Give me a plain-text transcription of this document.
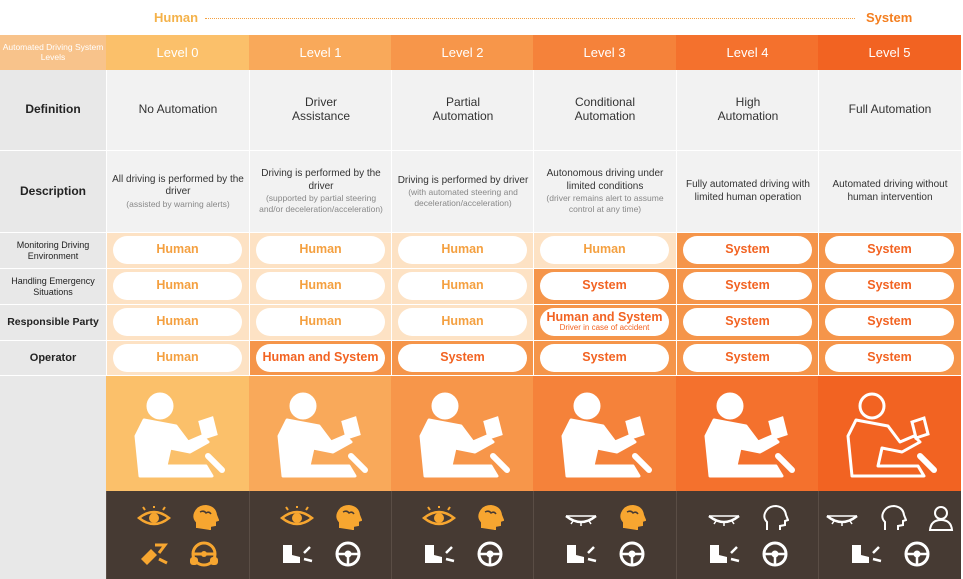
Human	System
Automated Driving System Levels
Definition
Description
Monitoring Driving Environment
Handling Emergency Situations
Responsible Party
Operator
Level 0
No Automation
All driving is performed by the driver
(assisted by warning alerts)
Human
Human
Human
Human
Level 1
Driver Assistance
Driving is performed by the driver
(supported by partial steering and/or deceleration/acceleration)
Human
Human
Human
Human and System
Level 2
Partial Automation
Driving is performed by driver
(with automated steering and deceleration/acceleration)
Human
Human
Human
System
Level 3
Conditional Automation
Autonomous driving under limited conditions
(driver remains alert to assume control at any time)
Human
System
Human and System
Driver in case of accident
System
Level 4
High Automation
Fully automated driving with limited human operation
System
System
System
System
Level 5
Full Automation
Automated driving without human intervention
System
System
System
System
